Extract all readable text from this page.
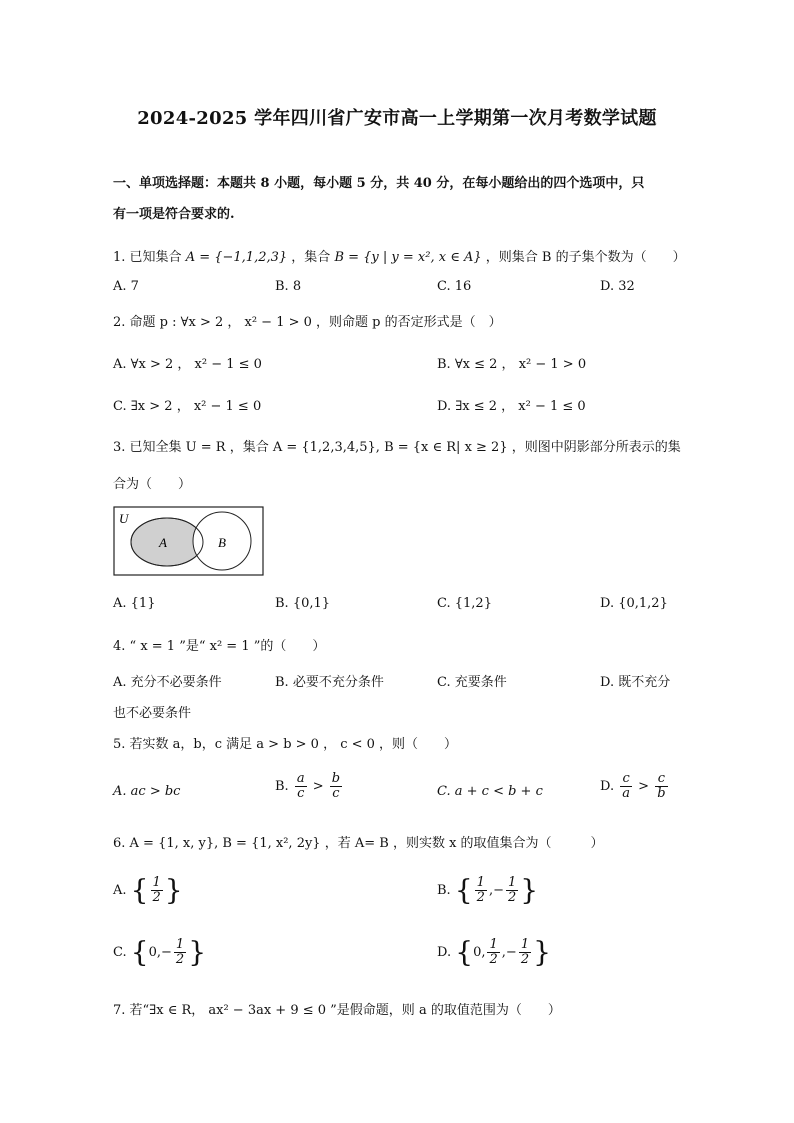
2024-2025 学年四川省广安市高一上学期第一次月考数学试题
一、单项选择题：本题共 8 小题，每小题 5 分，共 40 分，在每小题给出的四个选项中，只
有一项是符合要求的.
1. 已知集合 A = {−1,1,2,3} ，集合 B = {y | y = x², x ∈ A} ，则集合 B 的子集个数为（　　）
A. 7	B. 8	C. 16	D. 32
2. 命题 p : ∀x > 2 ， x² − 1 > 0 ，则命题 p 的否定形式是（　）
A. ∀x > 2 ， x² − 1 ≤ 0	B. ∀x ≤ 2 ， x² − 1 > 0
C. ∃x > 2 ， x² − 1 ≤ 0	D. ∃x ≤ 2 ， x² − 1 ≤ 0
3. 已知全集 U = R ，集合 A = {1,2,3,4,5}, B = {x ∈ R| x ≥ 2} ，则图中阴影部分所表示的集
合为（　　）
U
A	B
A. {1}	B. {0,1}	C. {1,2}	D. {0,1,2}
4. “ x = 1 ”是“ x² = 1 ”的（　　）
A. 充分不必要条件	B. 必要不充分条件	C. 充要条件	D. 既不充分
也不必要条件
5. 若实数 a，b，c 满足 a > b > 0 ， c < 0 ，则（　　）
A. ac > bc	B. $\frac{a}{c} > \frac{b}{c}$	C. a + c < b + c	D. $\frac{c}{a} > \frac{c}{b}$
6. A = {1, x, y}, B = {1, x², 2y} ，若 A= B ，则实数 x 的取值集合为（　　　）
A. { $\frac{1}{2}$ }	B. { $\frac{1}{2}$ ,− $\frac{1}{2}$ }
C. {$0,- \frac{1}{2}$ }	D. {0, $\frac{1}{2}$ ,− $\frac{1}{2}$ }
7. 若“∃x ∈ R， ax² − 3ax + 9 ≤ 0 ”是假命题，则 a 的取值范围为（　　）
